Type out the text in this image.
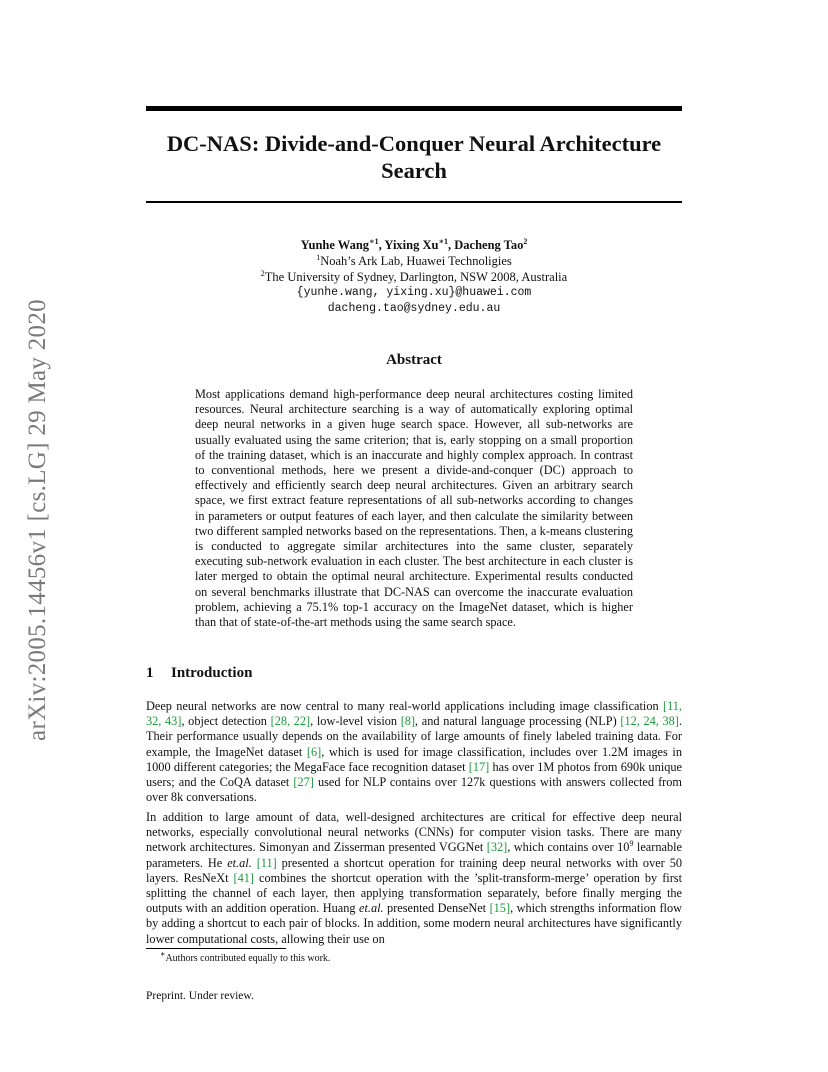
arXiv:2005.14456v1 [cs.LG] 29 May 2020
DC-NAS: Divide-and-Conquer Neural Architecture Search
Yunhe Wang$^{∗1}$, Yixing $Xu^{∗1}$, Dacheng Tao$^2$
$^1$Noah’s Ark Lab, Huawei Technoligies
$^2$The University of Sydney, Darlington, NSW 2008, Australia
{yunhe.wang, yixing.xu}@huawei.com
dacheng.tao@sydney.edu.au
Abstract
Most applications demand high-performance deep neural architectures costing limited resources. Neural architecture searching is a way of automatically exploring optimal deep neural networks in a given huge search space. However, all sub-networks are usually evaluated using the same criterion; that is, early stopping on a small proportion of the training dataset, which is an inaccurate and highly complex approach. In contrast to conventional methods, here we present a divide-and-conquer (DC) approach to effectively and efficiently search deep neural architectures. Given an arbitrary search space, we first extract feature representations of all sub-networks according to changes in parameters or output features of each layer, and then calculate the similarity between two different sampled networks based on the representations. Then, a k-means clustering is conducted to aggregate similar architectures into the same cluster, separately executing sub-network evaluation in each cluster. The best architecture in each cluster is later merged to obtain the optimal neural architecture. Experimental results conducted on several benchmarks illustrate that DC-NAS can overcome the inaccurate evaluation problem, achieving a 75.1% top-1 accuracy on the ImageNet dataset, which is higher than that of state-of-the-art methods using the same search space.
1 Introduction
Deep neural networks are now central to many real-world applications including image classification [11, 32, 43], object detection [28, 22], low-level vision [8], and natural language processing (NLP) [12, 24, 38]. Their performance usually depends on the availability of large amounts of finely labeled training data. For example, the ImageNet dataset [6], which is used for image classification, includes over 1.2M images in 1000 different categories; the MegaFace face recognition dataset [17] has over 1M photos from 690k unique users; and the CoQA dataset [27] used for NLP contains over 127k questions with answers collected from over 8k conversations.
In addition to large amount of data, well-designed architectures are critical for effective deep neural networks, especially convolutional neural networks (CNNs) for computer vision tasks. There are many network architectures. Simonyan and Zisserman presented VGGNet [32], which contains over $10^9$ learnable parameters. He et.al. [11] presented a shortcut operation for training deep neural networks with over 50 layers. ResNeXt [41] combines the shortcut operation with the ’split-transform-merge’ operation by first splitting the channel of each layer, then applying transformation separately, before finally merging the outputs with an addition operation. Huang et.al. presented DenseNet [15], which strengths information flow by adding a shortcut to each pair of blocks. In addition, some modern neural architectures have significantly lower computational costs, allowing their use on
∗Authors contributed equally to this work.
Preprint. Under review.
